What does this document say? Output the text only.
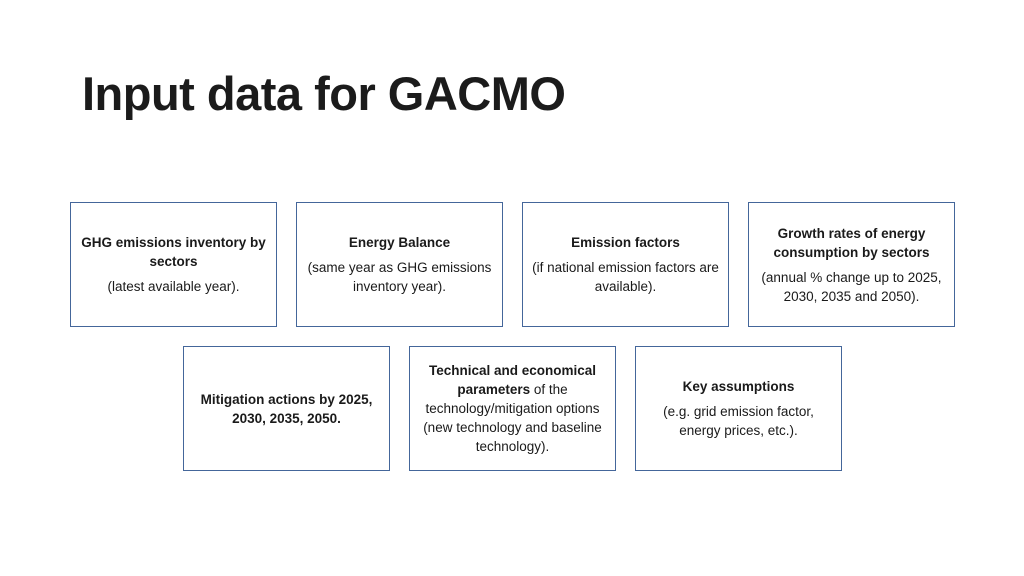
Input data for GACMO
GHG emissions inventory by sectors
(latest available year).
Energy Balance
(same year as GHG emissions inventory year).
Emission factors
(if national emission factors are available).
Growth rates of energy consumption by sectors
(annual % change up to 2025, 2030, 2035 and 2050).
Mitigation actions by 2025, 2030, 2035, 2050.
Technical and economical parameters of the technology/mitigation options (new technology and baseline technology).
Key assumptions
(e.g. grid emission factor, energy prices, etc.).
